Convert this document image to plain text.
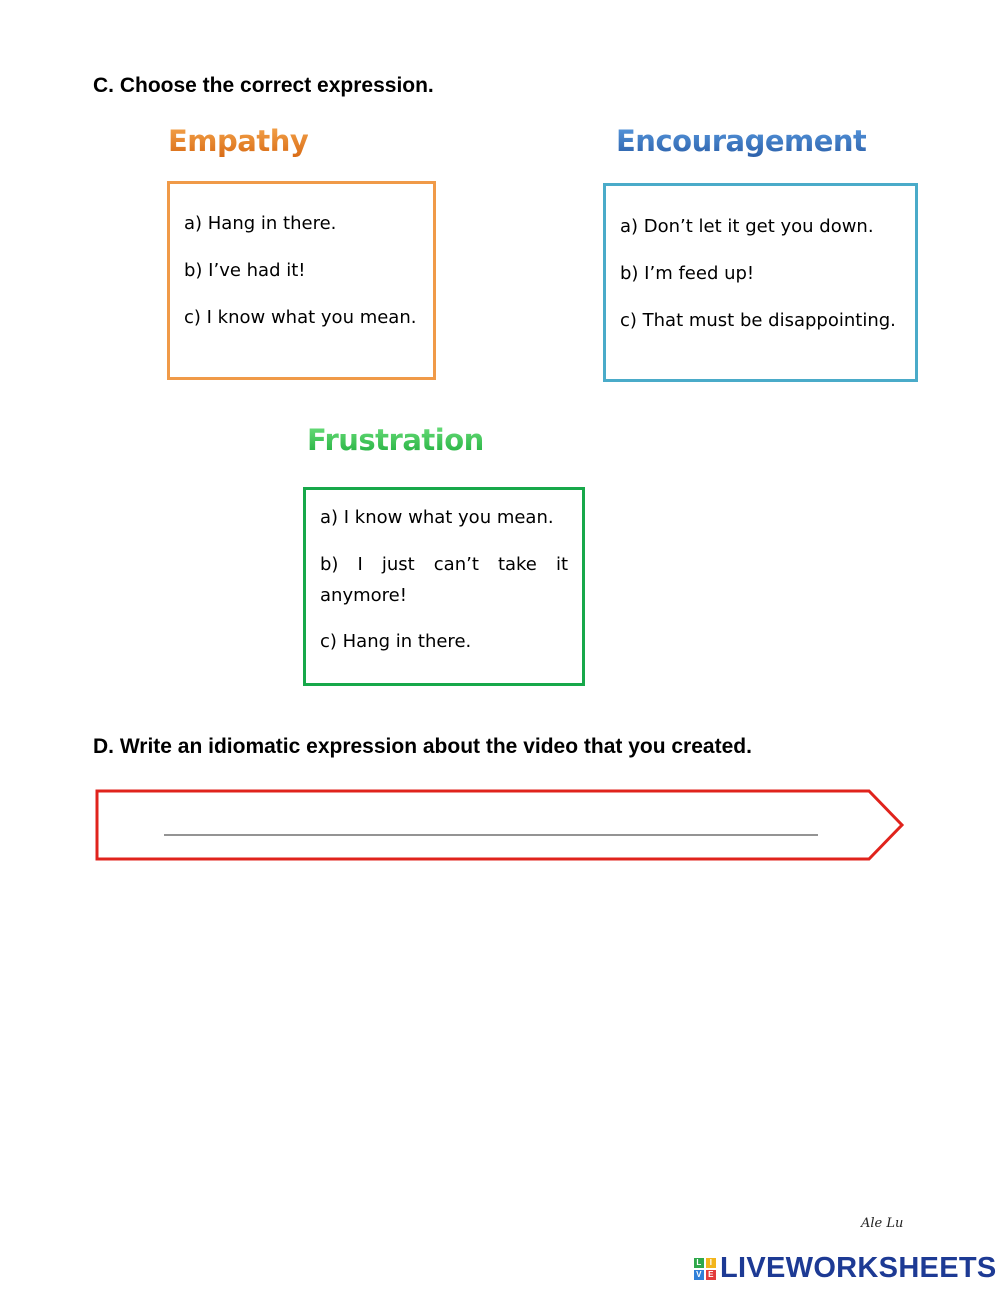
C. Choose the correct expression.
Empathy

a) Hang in there.

b) I’ve had it!

c) I know what you mean.

Encouragement

a) Don’t let it get you down.

b) I’m feed up!

c) That must be disappointing.

Frustration

a) I know what you mean.

b) I just can’t take it anymore!

c) Hang in there.

D. Write an idiomatic expression about the video that you created.
Ale Lu
L	I
V E LIVEWORKSHEETS
